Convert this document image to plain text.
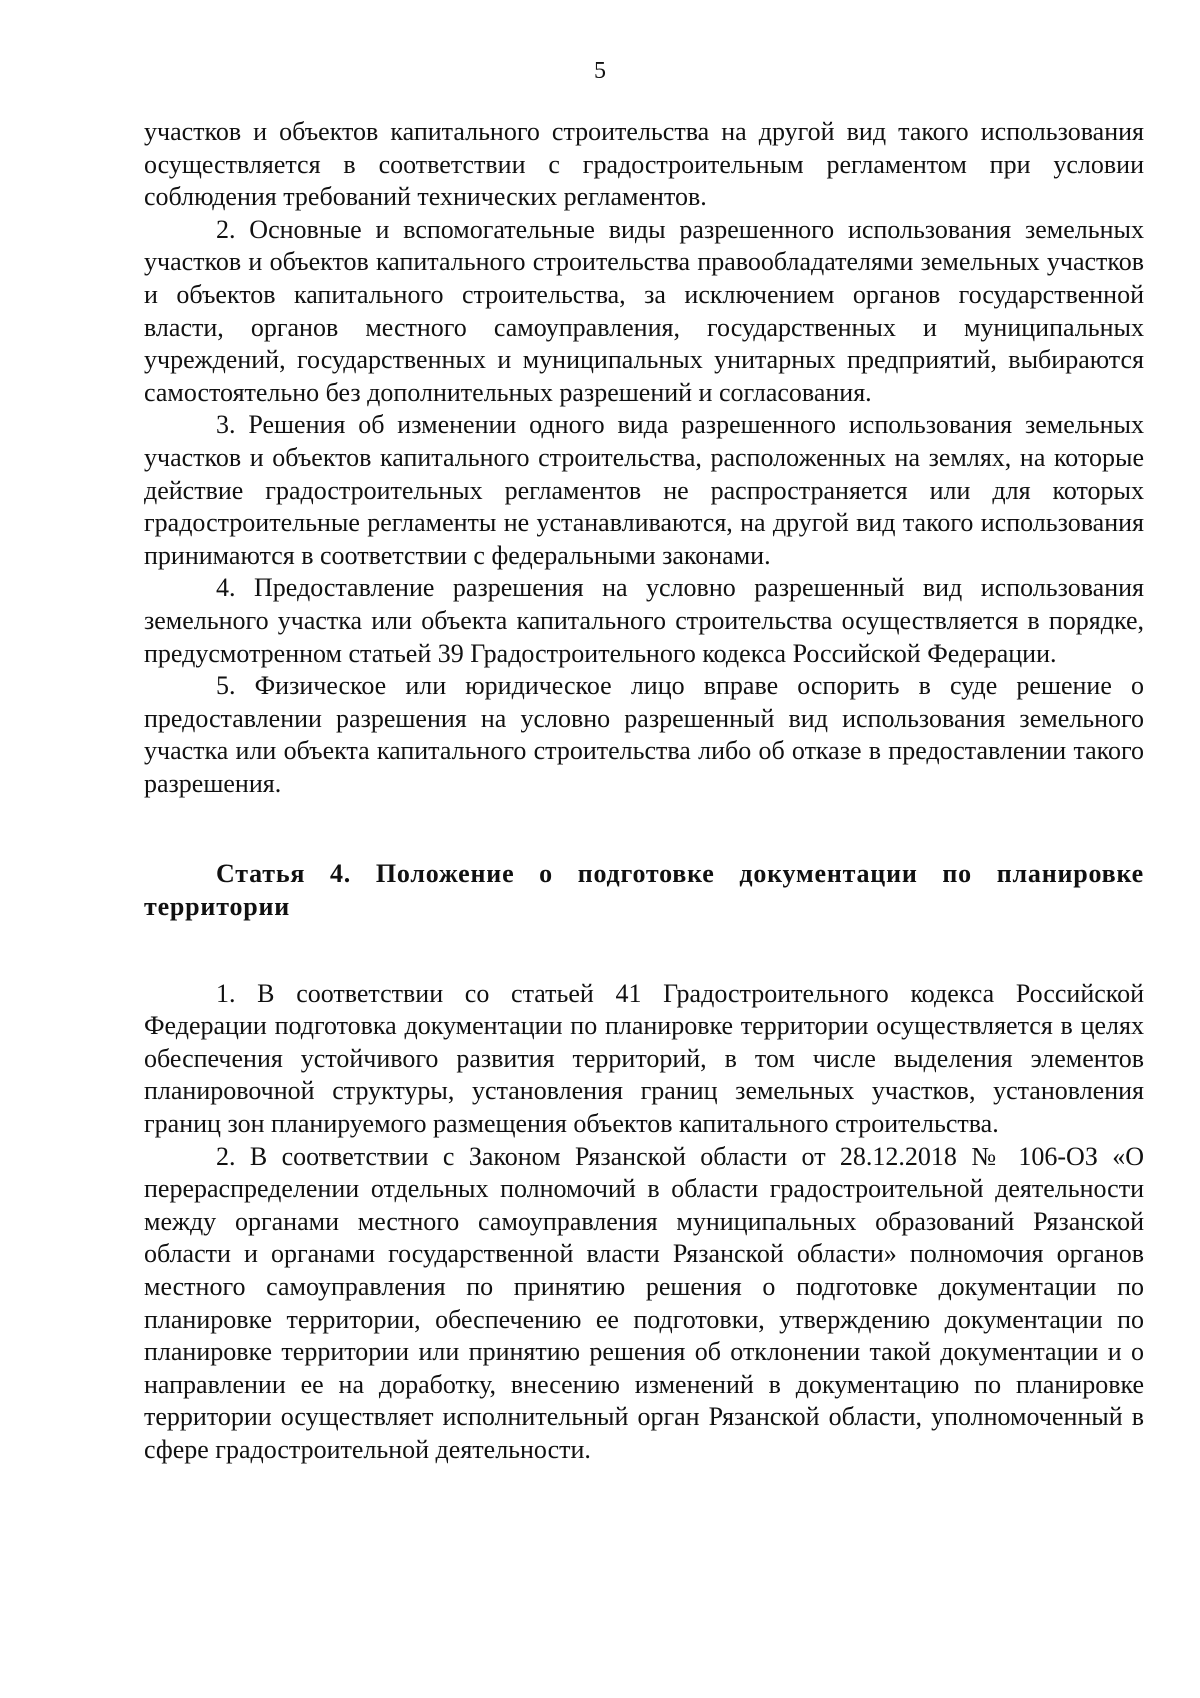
5

участков и объектов капитального строительства на другой вид такого использования осуществляется в соответствии с градостроительным регламентом при условии соблюдения требований технических регламентов.

2. Основные и вспомогательные виды разрешенного использования земельных участков и объектов капитального строительства правообладателями земельных участков и объектов капитального строительства, за исключением органов государственной власти, органов местного самоуправления, государственных и муниципальных учреждений, государственных и муниципальных унитарных предприятий, выбираются самостоятельно без дополнительных разрешений и согласования.

3. Решения об изменении одного вида разрешенного использования земельных участков и объектов капитального строительства, расположенных на землях, на которые действие градостроительных регламентов не распространяется или для которых градостроительные регламенты не устанавливаются, на другой вид такого использования принимаются в соответствии с федеральными законами.

4. Предоставление разрешения на условно разрешенный вид использования земельного участка или объекта капитального строительства осуществляется в порядке, предусмотренном статьей 39 Градостроительного кодекса Российской Федерации.

5. Физическое или юридическое лицо вправе оспорить в суде решение о предоставлении разрешения на условно разрешенный вид использования земельного участка или объекта капитального строительства либо об отказе в предоставлении такого разрешения.

Статья 4. Положение о подготовке документации по планировке территории

1. В соответствии со статьей 41 Градостроительного кодекса Российской Федерации подготовка документации по планировке территории осуществляется в целях обеспечения устойчивого развития территорий, в том числе выделения элементов планировочной структуры, установления границ земельных участков, установления границ зон планируемого размещения объектов капитального строительства.

2. В соответствии с Законом Рязанской области от 28.12.2018 № 106-ОЗ «О перераспределении отдельных полномочий в области градостроительной деятельности между органами местного самоуправления муниципальных образований Рязанской области и органами государственной власти Рязанской области» полномочия органов местного самоуправления по принятию решения о подготовке документации по планировке территории, обеспечению ее подготовки, утверждению документации по планировке территории или принятию решения об отклонении такой документации и о направлении ее на доработку, внесению изменений в документацию по планировке территории осуществляет исполнительный орган Рязанской области, уполномоченный в сфере градостроительной деятельности.
